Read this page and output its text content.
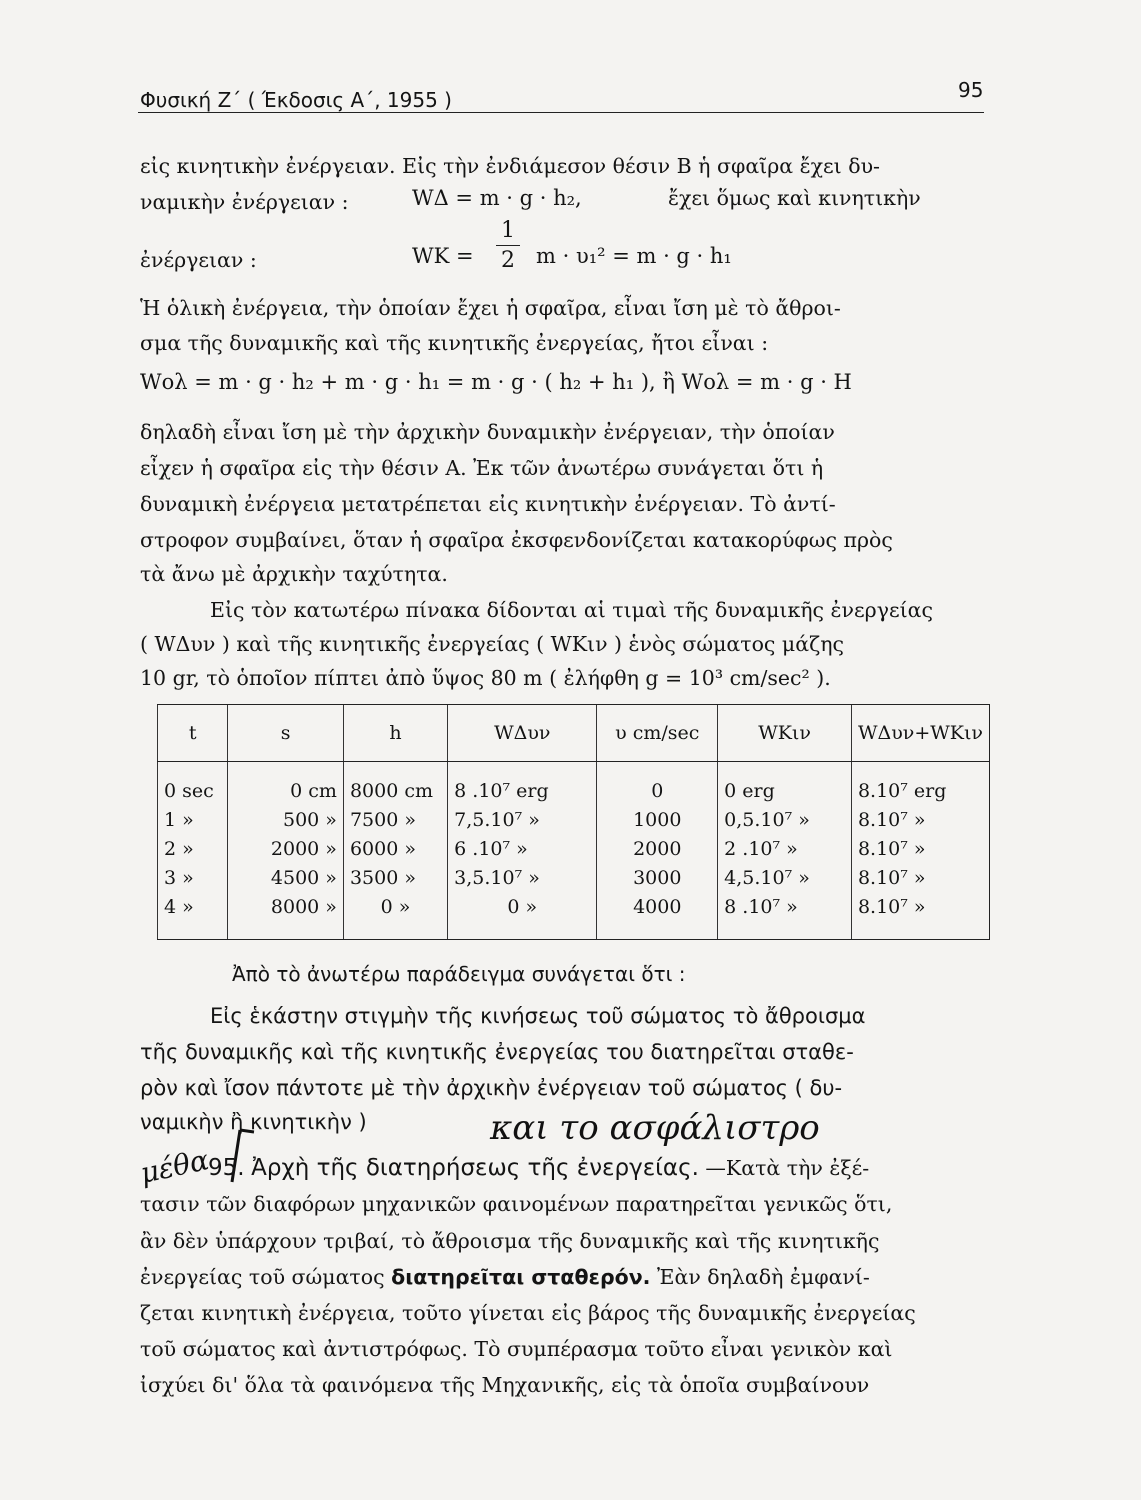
Φυσική Ζ΄ ( Έκδοσις Α΄, 1955 )	95
εἰς κινητικὴν ἐνέργειαν. Εἰς τὴν ἐνδιάμεσον θέσιν Β ἡ σφαῖρα ἔχει δυ-
ναμικὴν ἐνέργειαν :	WΔ = m · g · h₂,	ἔχει ὅμως καὶ κινητικὴν
ἐνέργειαν :	WK =
1
2 m · υ₁² = m · g · h₁
Ἡ ὁλικὴ ἐνέργεια, τὴν ὁποίαν ἔχει ἡ σφαῖρα, εἶναι ἴση μὲ τὸ ἄθροι-
σμα τῆς δυναμικῆς καὶ τῆς κινητικῆς ἐνεργείας, ἤτοι εἶναι :
Wολ = m · g · h₂ + m · g · h₁ = m · g · ( h₂ + h₁ ), ἢ Wολ = m · g · H
δηλαδὴ εἶναι ἴση μὲ τὴν ἀρχικὴν δυναμικὴν ἐνέργειαν, τὴν ὁποίαν
εἶχεν ἡ σφαῖρα εἰς τὴν θέσιν Α. Ἐκ τῶν ἀνωτέρω συνάγεται ὅτι ἡ
δυναμικὴ ἐνέργεια μετατρέπεται εἰς κινητικὴν ἐνέργειαν. Τὸ ἀντί-
στροφον συμβαίνει, ὅταν ἡ σφαῖρα ἐκσφενδονίζεται κατακορύφως πρὸς
τὰ ἄνω μὲ ἀρχικὴν ταχύτητα.
Εἰς τὸν κατωτέρω πίνακα δίδονται αἱ τιμαὶ τῆς δυναμικῆς ἐνεργείας
( WΔυν ) καὶ τῆς κινητικῆς ἐνεργείας ( WΚιν ) ἑνὸς σώματος μάζης
10 gr, τὸ ὁποῖον πίπτει ἀπὸ ὕψος 80 m ( ἐλήφθη g = 10³ cm/sec² ).
t	s	h	WΔυν	υ cm/sec	WΚιν	WΔυν+WΚιν
0 sec	0 cm	8000 cm	8 .10⁷ erg	0	0 erg	8.10⁷ erg
1 »	500 »	7500 »	7,5.10⁷ »	1000	0,5.10⁷ »	8.10⁷ »
2 »	2000 »	6000 »	6 .10⁷ »	2000	2 .10⁷ »	8.10⁷ »
3 »	4500 »	3500 »	3,5.10⁷ »	3000	4,5.10⁷ »	8.10⁷ »
4 »	8000 »	0 »	0 »	4000	8 .10⁷ »	8.10⁷ »
Ἀπὸ τὸ ἀνωτέρω παράδειγμα συνάγεται ὅτι :
Εἰς ἑκάστην στιγμὴν τῆς κινήσεως τοῦ σώματος τὸ ἄθροισμα
τῆς δυναμικῆς καὶ τῆς κινητικῆς ἐνεργείας του διατηρεῖται σταθε-
ρὸν καὶ ἴσον πάντοτε μὲ τὴν ἀρχικὴν ἐνέργειαν τοῦ σώματος ( δυ-
ναμικὴν ἢ κινητικὴν )	και το ασφάλιστρο
μέθα
95. Ἀρχὴ τῆς διατηρήσεως τῆς ἐνεργείας. —Κατὰ τὴν ἐξέ-
τασιν τῶν διαφόρων μηχανικῶν φαινομένων παρατηρεῖται γενικῶς ὅτι,
ἂν δὲν ὑπάρχουν τριβαί, τὸ ἄθροισμα τῆς δυναμικῆς καὶ τῆς κινητικῆς
ἐνεργείας τοῦ σώματος διατηρεῖται σταθερόν. Ἐὰν δηλαδὴ ἐμφανί-
ζεται κινητικὴ ἐνέργεια, τοῦτο γίνεται εἰς βάρος τῆς δυναμικῆς ἐνεργείας
τοῦ σώματος καὶ ἀντιστρόφως. Τὸ συμπέρασμα τοῦτο εἶναι γενικὸν καὶ
ἰσχύει δι' ὅλα τὰ φαινόμενα τῆς Μηχανικῆς, εἰς τὰ ὁποῖα συμβαίνουν
